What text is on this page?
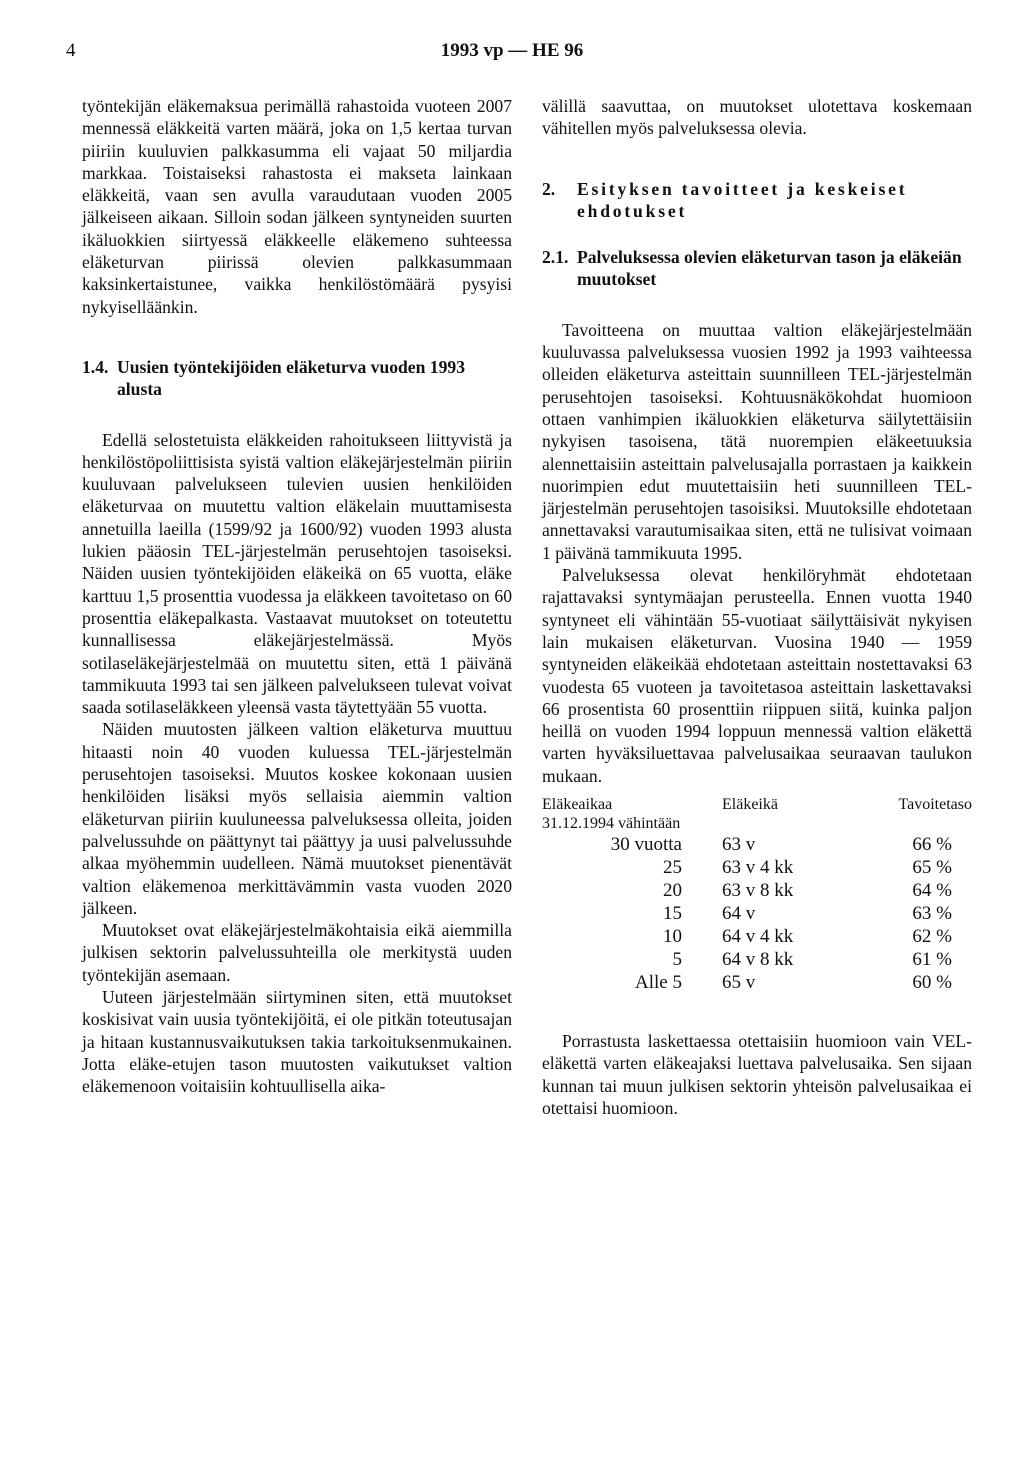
4	1993 vp — HE 96

työntekijän eläkemaksua perimällä rahastoida vuoteen 2007 mennessä eläkkeitä varten määrä, joka on 1,5 kertaa turvan piiriin kuuluvien palkkasumma eli vajaat 50 miljardia markkaa. Toistaiseksi rahastosta ei makseta lainkaan eläkkeitä, vaan sen avulla varaudutaan vuoden 2005 jälkeiseen aikaan. Silloin sodan jälkeen syntyneiden suurten ikäluokkien siirtyessä eläkkeelle eläkemeno suhteessa eläketurvan piirissä olevien palkkasummaan kaksinkertaistunee, vaikka henkilöstömäärä pysyisi nykyiselläänkin.

1.4. Uusien työntekijöiden eläketurva vuoden 1993 alusta

Edellä selostetuista eläkkeiden rahoitukseen liittyvistä ja henkilöstöpoliittisista syistä valtion eläkejärjestelmän piiriin kuuluvaan palvelukseen tulevien uusien henkilöiden eläketurvaa on muutettu valtion eläkelain muuttamisesta annetuilla laeilla (1599/92 ja 1600/92) vuoden 1993 alusta lukien pääosin TEL-järjestelmän perusehtojen tasoiseksi. Näiden uusien työntekijöiden eläkeikä on 65 vuotta, eläke karttuu 1,5 prosenttia vuodessa ja eläkkeen tavoitetaso on 60 prosenttia eläkepalkasta. Vastaavat muutokset on toteutettu kunnallisessa eläkejärjestelmässä. Myös sotilaseläkejärjestelmää on muutettu siten, että 1 päivänä tammikuuta 1993 tai sen jälkeen palvelukseen tulevat voivat saada sotilaseläkkeen yleensä vasta täytettyään 55 vuotta.

Näiden muutosten jälkeen valtion eläketurva muuttuu hitaasti noin 40 vuoden kuluessa TEL-järjestelmän perusehtojen tasoiseksi. Muutos koskee kokonaan uusien henkilöiden lisäksi myös sellaisia aiemmin valtion eläketurvan piiriin kuuluneessa palveluksessa olleita, joiden palvelussuhde on päättynyt tai päättyy ja uusi palvelussuhde alkaa myöhemmin uudelleen. Nämä muutokset pienentävät valtion eläkemenoa merkittävämmin vasta vuoden 2020 jälkeen.

Muutokset ovat eläkejärjestelmäkohtaisia eikä aiemmilla julkisen sektorin palvelussuhteilla ole merkitystä uuden työntekijän asemaan.

Uuteen järjestelmään siirtyminen siten, että muutokset koskisivat vain uusia työntekijöitä, ei ole pitkän toteutusajan ja hitaan kustannusvaikutuksen takia tarkoituksenmukainen. Jotta eläke-etujen tason muutosten vaikutukset valtion eläkemenoon voitaisiin kohtuullisella aika-

välillä saavuttaa, on muutokset ulotettava koskemaan vähitellen myös palveluksessa olevia.

2.	Esityksen tavoitteet ja keskeiset ehdotukset
2.1. Palveluksessa olevien eläketurvan tason ja eläkeiän muutokset

Tavoitteena on muuttaa valtion eläkejärjestelmään kuuluvassa palveluksessa vuosien 1992 ja 1993 vaihteessa olleiden eläketurva asteittain suunnilleen TEL-järjestelmän perusehtojen tasoiseksi. Kohtuusnäkökohdat huomioon ottaen vanhimpien ikäluokkien eläketurva säilytettäisiin nykyisen tasoisena, tätä nuorempien eläkeetuuksia alennettaisiin asteittain palvelusajalla porrastaen ja kaikkein nuorimpien edut muutettaisiin heti suunnilleen TEL-järjestelmän perusehtojen tasoisiksi. Muutoksille ehdotetaan annettavaksi varautumisaikaa siten, että ne tulisivat voimaan 1 päivänä tammikuuta 1995.

Palveluksessa olevat henkilöryhmät ehdotetaan rajattavaksi syntymäajan perusteella. Ennen vuotta 1940 syntyneet eli vähintään 55-vuotiaat säilyttäisivät nykyisen lain mukaisen eläketurvan. Vuosina 1940 — 1959 syntyneiden eläkeikää ehdotetaan asteittain nostettavaksi 63 vuodesta 65 vuoteen ja tavoitetasoa asteittain laskettavaksi 66 prosentista 60 prosenttiin riippuen siitä, kuinka paljon heillä on vuoden 1994 loppuun mennessä valtion eläkettä varten hyväksiluettavaa palvelusaikaa seuraavan taulukon mukaan.

Eläkeaikaa 31.12.1994 vähintään	Eläkeikä	Tavoitetaso
30 vuotta	63 v	66 %
25	63 v 4 kk	65 %
20	63 v 8 kk	64 %
15	64 v	63 %
10	64 v 4 kk	62 %
5	64 v 8 kk	61 %
Alle 5	65 v	60 %

Porrastusta laskettaessa otettaisiin huomioon vain VEL-eläkettä varten eläkeajaksi luettava palvelusaika. Sen sijaan kunnan tai muun julkisen sektorin yhteisön palvelusaikaa ei otettaisi huomioon.
